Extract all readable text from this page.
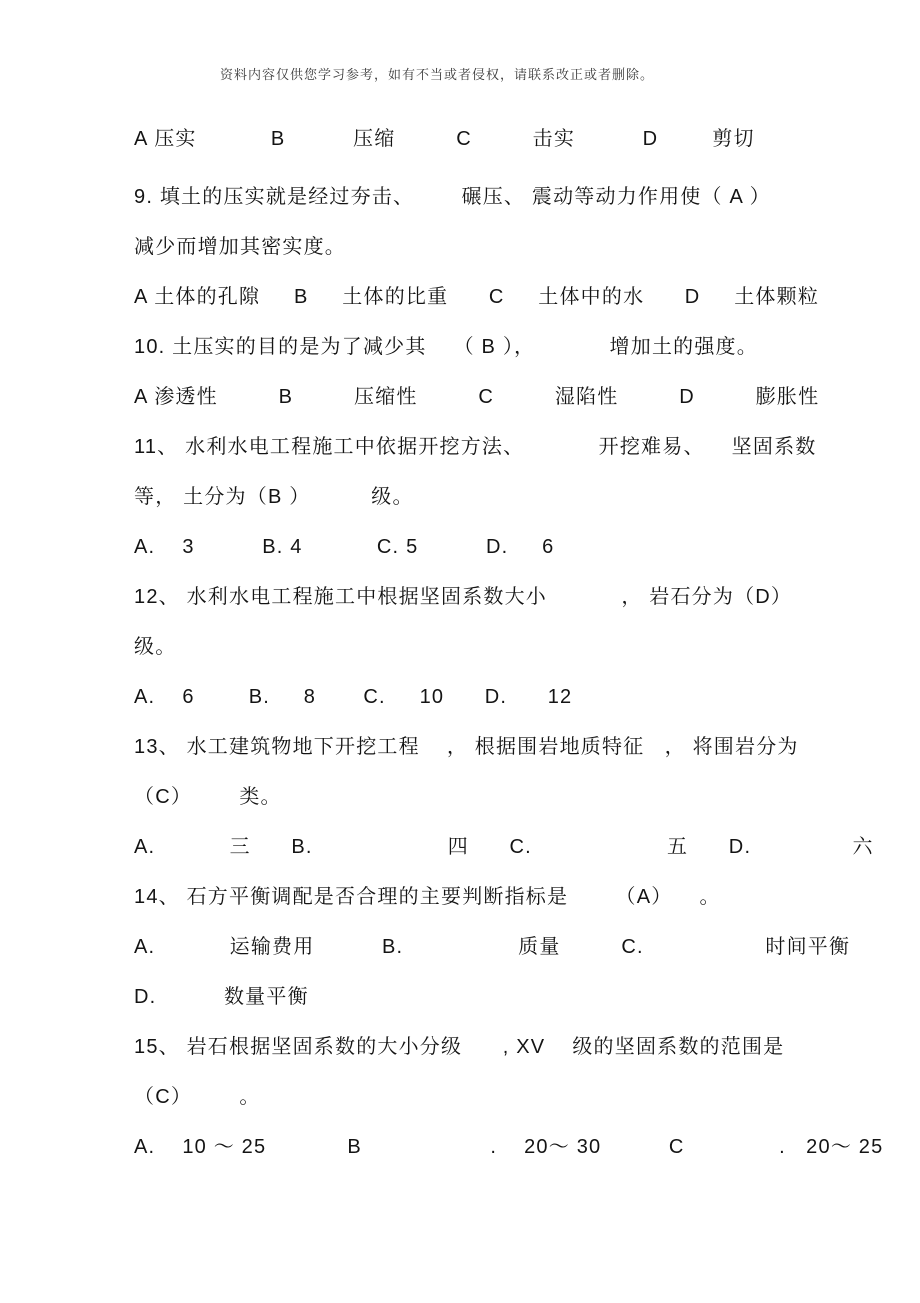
资料内容仅供您学习参考，如有不当或者侵权，请联系改正或者删除。

A 压实           B          压缩         C         击实          D        剪切

9. 填土的压实就是经过夯击、       碾压、 震动等动力作用使（ A ）

减少而增加其密实度。

A 土体的孔隙     B     土体的比重      C     土体中的水      D     土体颗粒

10. 土压实的目的是为了减少其    （ B ），           增加土的强度。

A 渗透性         B         压缩性         C         湿陷性         D         膨胀性

11、 水利水电工程施工中依据开挖方法、           开挖难易、    坚固系数

等， 土分为（B ）         级。

A.    3          B. 4           C. 5          D.     6

12、 水利水电工程施工中根据坚固系数大小           ， 岩石分为（D）

级。

A.    6        B.     8       C.     10      D.      12

13、 水工建筑物地下开挖工程    ， 根据围岩地质特征   ， 将围岩分为

（C）       类。

A.           三      B.                    四      C.                    五      D.               六

14、 石方平衡调配是否合理的主要判断指标是       （A）    。

A.           运输费用          B.                 质量         C.                  时间平衡

D.          数量平衡

15、 岩石根据坚固系数的大小分级      , XV    级的坚固系数的范围是

（C）       。

A.    10 ～ 25            B                   .    20～ 30          C              .   20～ 25
